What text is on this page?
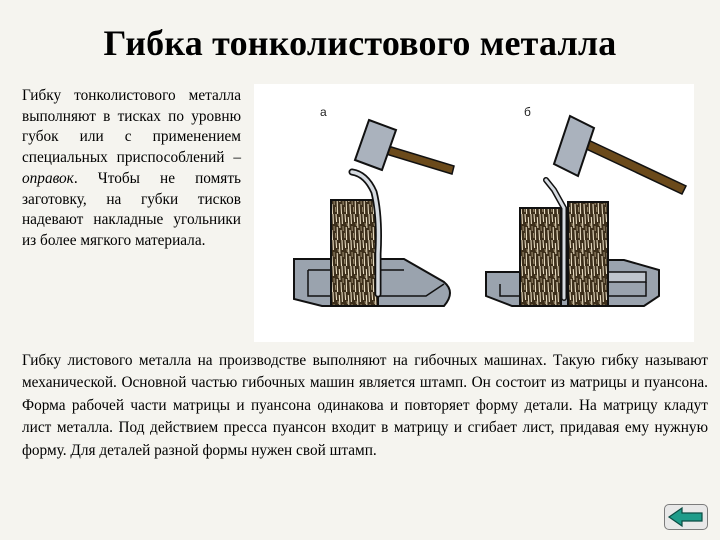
Гибка тонколистового металла
Гибку тонколистового металла выполняют в тисках по уровню губок или с применением специальных приспособлений – оправок. Чтобы не помять заготовку, на губки тисков надевают накладные угольники из более мягкого материала.
а	б
Гибку листового металла на производстве выполняют на гибочных машинах. Такую гибку называют механической. Основной частью гибочных машин является штамп. Он состоит из матрицы и пуансона. Форма рабочей части матрицы и пуансона одинакова и повторяет форму детали. На матрицу кладут лист металла. Под действием пресса пуансон входит в матрицу и сгибает лист, придавая ему нужную форму. Для деталей разной формы нужен свой штамп.
